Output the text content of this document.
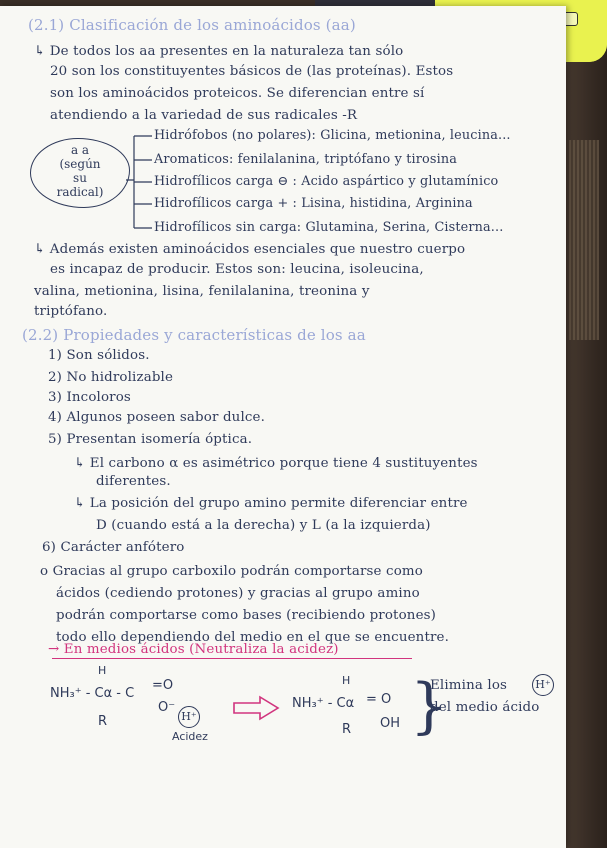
(2.1) Clasificación de los aminoácidos (aa)
↳ De todos los aa presentes en la naturaleza tan sólo
20 son los constituyentes básicos de (las proteínas). Estos
son los aminoácidos proteicos. Se diferencian entre sí
atendiendo a la variedad de sus radicales -R
a a
(según
su
radical)
Hidrófobos (no polares): Glicina, metionina, leucina...
Aromaticos: fenilalanina, triptófano y tirosina
Hidrofílicos carga ⊖ : Acido aspártico y glutamínico
Hidrofílicos carga + : Lisina, histidina, Arginina
Hidrofílicos sin carga: Glutamina, Serina, Cisterna...
↳ Además existen aminoácidos esenciales que nuestro cuerpo
es incapaz de producir. Estos son: leucina, isoleucina,
valina, metionina, lisina, fenilalanina, treonina y
triptófano.
(2.2) Propiedades y características de los aa
1) Son sólidos.
2) No hidrolizable
3) Incoloros
4) Algunos poseen sabor dulce.
5) Presentan isomería óptica.
↳ El carbono α es asimétrico porque tiene 4 sustituyentes
diferentes.
↳ La posición del grupo amino permite diferenciar entre
D (cuando está a la derecha) y L (a la izquierda)
6) Carácter anfótero
o Gracias al grupo carboxilo podrán comportarse como
ácidos (cediendo protones) y gracias al grupo amino
podrán comportarse como bases (recibiendo protones)
todo ello dependiendo del medio en el que se encuentre.
→ En medios ácidos (Neutraliza la acidez)
H
NH₃⁺ - Cα - C
=O
O⁻
R	H⁺
Acidez
H
NH₃⁺ - Cα = O
OH
R }
Elimina los	H⁺
del medio ácido
